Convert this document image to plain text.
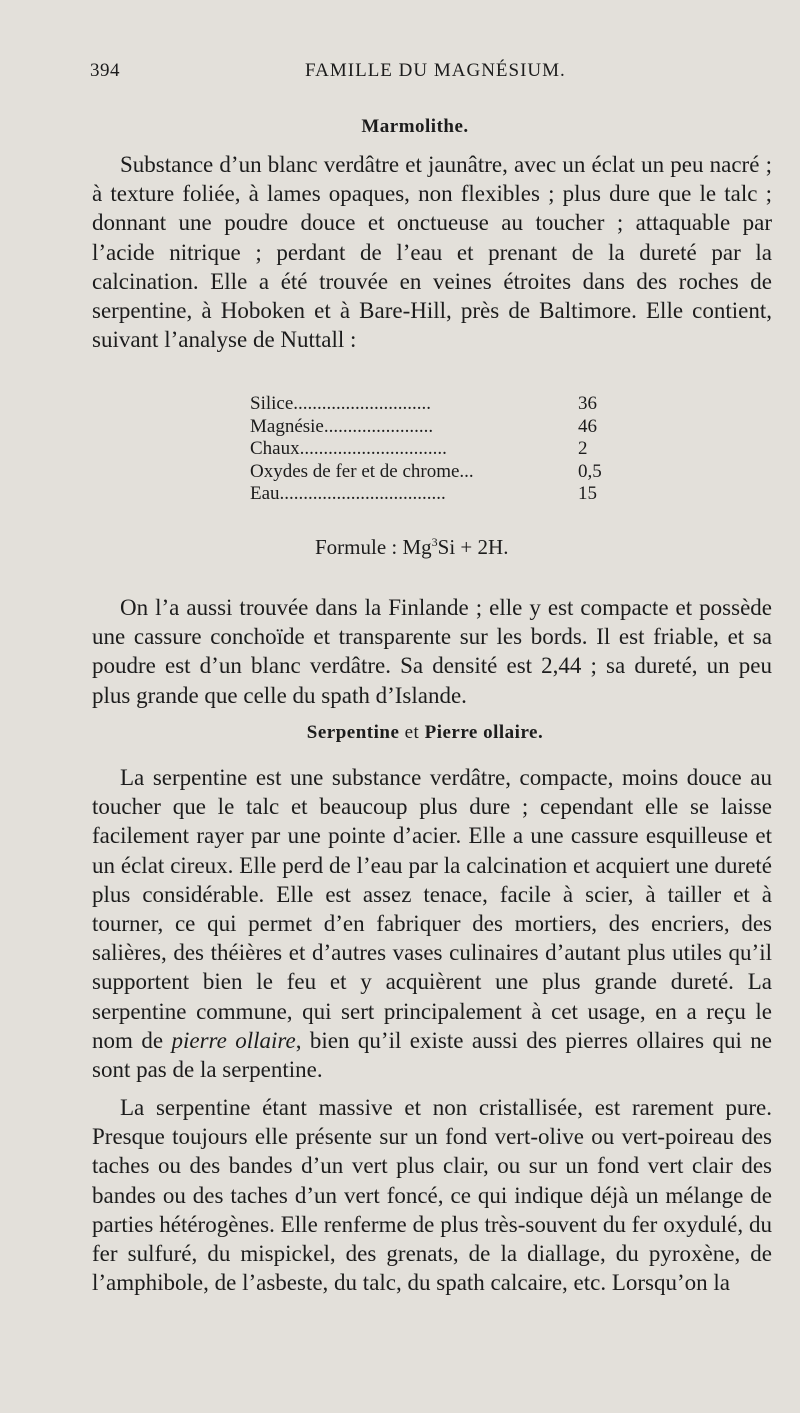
394	FAMILLE DU MAGNÉSIUM.
Marmolithe.

Substance d’un blanc verdâtre et jaunâtre, avec un éclat un peu nacré ; à texture foliée, à lames opaques, non flexibles ; plus dure que le talc ; donnant une poudre douce et onctueuse au toucher ; attaquable par l’acide nitrique ; perdant de l’eau et prenant de la dureté par la calcination. Elle a été trouvée en veines étroites dans des roches de serpentine, à Hoboken et à Bare-Hill, près de Baltimore. Elle contient, suivant l’analyse de Nuttall :

Silice.............................	36
Magnésie.......................	46
Chaux...............................	2
Oxydes de fer et de chrome...	0,5
Eau...................................	15
Formule : $Mg^3Si + 2H$.

On l’a aussi trouvée dans la Finlande ; elle y est compacte et possède une cassure conchoïde et transparente sur les bords. Il est friable, et sa poudre est d’un blanc verdâtre. Sa densité est 2,44 ; sa dureté, un peu plus grande que celle du spath d’Islande.

Serpentine et Pierre ollaire.

La serpentine est une substance verdâtre, compacte, moins douce au toucher que le talc et beaucoup plus dure ; cependant elle se laisse facilement rayer par une pointe d’acier. Elle a une cassure esquilleuse et un éclat cireux. Elle perd de l’eau par la calcination et acquiert une dureté plus considérable. Elle est assez tenace, facile à scier, à tailler et à tourner, ce qui permet d’en fabriquer des mortiers, des encriers, des salières, des théières et d’autres vases culinaires d’autant plus utiles qu’il supportent bien le feu et y acquièrent une plus grande dureté. La serpentine commune, qui sert principalement à cet usage, en a reçu le nom de pierre ollaire, bien qu’il existe aussi des pierres ollaires qui ne sont pas de la serpentine.

La serpentine étant massive et non cristallisée, est rarement pure. Presque toujours elle présente sur un fond vert-olive ou vert-poireau des taches ou des bandes d’un vert plus clair, ou sur un fond vert clair des bandes ou des taches d’un vert foncé, ce qui indique déjà un mélange de parties hétérogènes. Elle renferme de plus très-souvent du fer oxydulé, du fer sulfuré, du mispickel, des grenats, de la diallage, du pyroxène, de l’amphibole, de l’asbeste, du talc, du spath calcaire, etc. Lorsqu’on la
